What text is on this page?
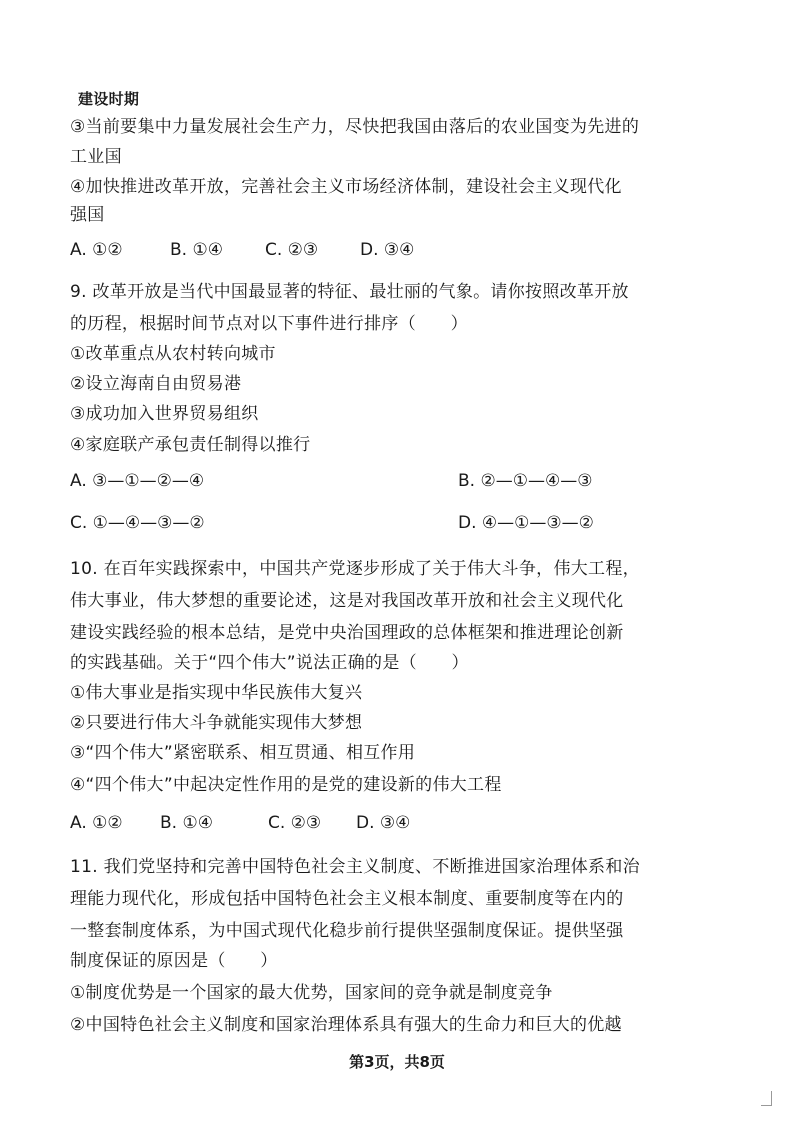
建设时期
③当前要集中力量发展社会生产力，尽快把我国由落后的农业国变为先进的
工业国
④加快推进改革开放，完善社会主义市场经济体制，建设社会主义现代化
强国
A. ①②	B. ①④ C. ②③ D. ③④
9. 改革开放是当代中国最显著的特征、最壮丽的气象。请你按照改革开放
的历程，根据时间节点对以下事件进行排序（　　）
①改革重点从农村转向城市
②设立海南自由贸易港
③成功加入世界贸易组织
④家庭联产承包责任制得以推行
A. ③—①—②—④	B. ②—①—④—③
C. ①—④—③—②	D. ④—①—③—②
10. 在百年实践探索中，中国共产党逐步形成了关于伟大斗争，伟大工程，
伟大事业，伟大梦想的重要论述，这是对我国改革开放和社会主义现代化
建设实践经验的根本总结，是党中央治国理政的总体框架和推进理论创新
的实践基础。关于“四个伟大”说法正确的是（　　）
①伟大事业是指实现中华民族伟大复兴
②只要进行伟大斗争就能实现伟大梦想
③“四个伟大”紧密联系、相互贯通、相互作用
④“四个伟大”中起决定性作用的是党的建设新的伟大工程
A. ①② B. ①④	C. ②③ D. ③④
11. 我们党坚持和完善中国特色社会主义制度、不断推进国家治理体系和治
理能力现代化，形成包括中国特色社会主义根本制度、重要制度等在内的
一整套制度体系，为中国式现代化稳步前行提供坚强制度保证。提供坚强
制度保证的原因是（　　）
①制度优势是一个国家的最大优势，国家间的竞争就是制度竞争
②中国特色社会主义制度和国家治理体系具有强大的生命力和巨大的优越
第3页，共8页
